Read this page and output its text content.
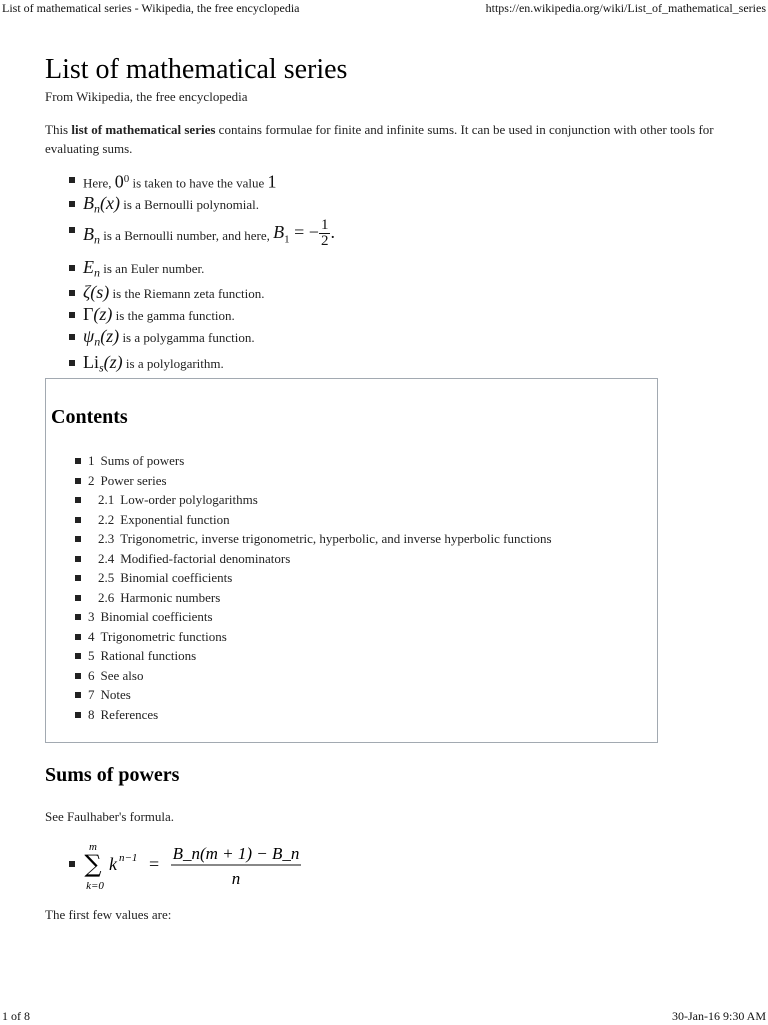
List of mathematical series - Wikipedia, the free encyclopedia	https://en.wikipedia.org/wiki/List_of_mathematical_series
List of mathematical series
From Wikipedia, the free encyclopedia
This list of mathematical series contains formulae for finite and infinite sums. It can be used in conjunction with other tools for evaluating sums.
Here, $0^0$ is taken to have the value 1
$B_n(x)$ is a Bernoulli polynomial.
$B_n$ is a Bernoulli number, and here, $B_1$ = − $\frac{1}{2}$ .
$E_n$ is an Euler number.
ζ(s) is the Riemann zeta function.
Γ(z) is the gamma function.
$\psi_n(z)$ is a polygamma function.
$Li_s(z)$ is a polylogarithm.
Contents
1 Sums of powers
2 Power series
2.1 Low-order polylogarithms
2.2 Exponential function
2.3 Trigonometric, inverse trigonometric, hyperbolic, and inverse hyperbolic functions
2.4 Modified-factorial denominators
2.5 Binomial coefficients
2.6 Harmonic numbers
3 Binomial coefficients
4 Trigonometric functions
5 Rational functions
6 See also
7 Notes
8 References
Sums of powers
See Faulhaber's formula.
m
∑
k=0
k n−1 =
B_n(m + 1) − B_n
n
The first few values are:
1 of 8	30-Jan-16 9:30 AM
